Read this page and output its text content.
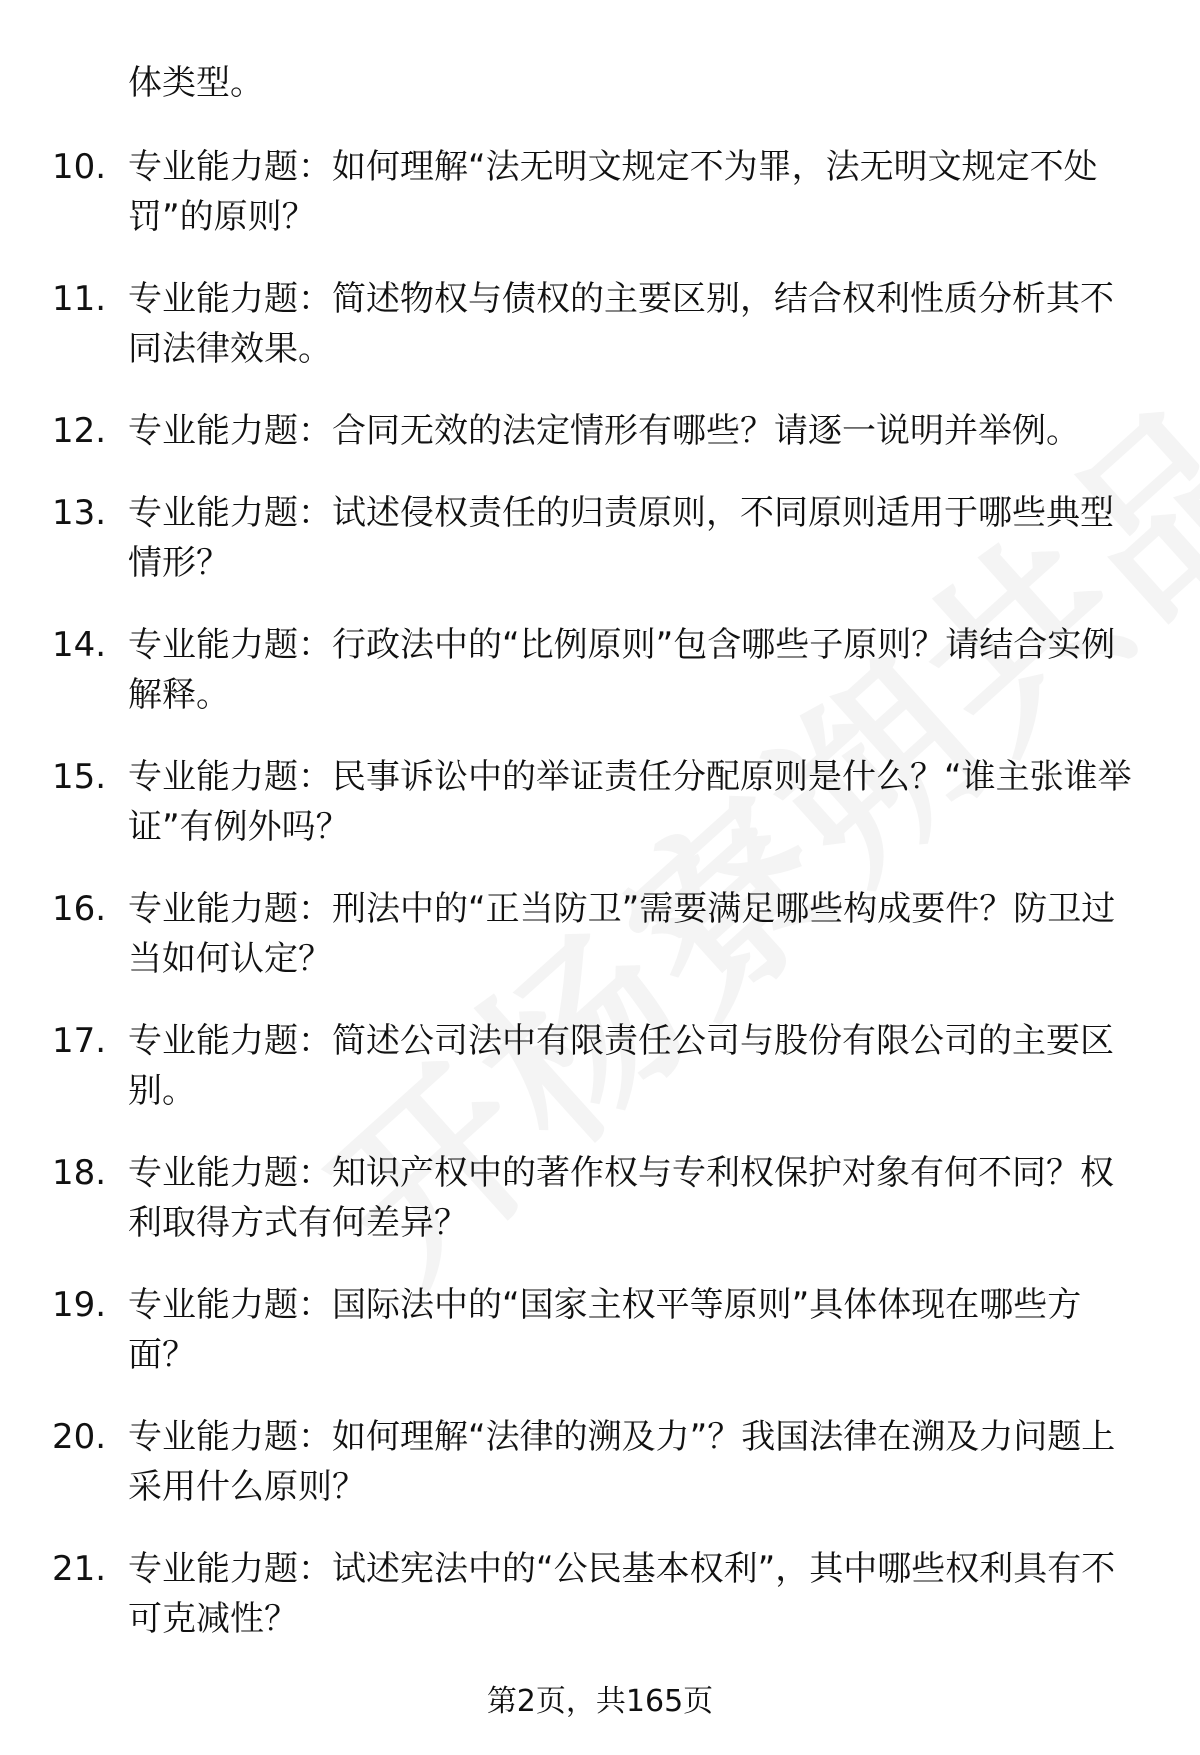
体类型。
10. 专业能力题：如何理解“法无明文规定不为罪，法无明文规定不处罚”的原则？
11. 专业能力题：简述物权与债权的主要区别，结合权利性质分析其不同法律效果。
12. 专业能力题：合同无效的法定情形有哪些？请逐一说明并举例。
13. 专业能力题：试述侵权责任的归责原则，不同原则适用于哪些典型情形？
14. 专业能力题：行政法中的“比例原则”包含哪些子原则？请结合实例解释。
15. 专业能力题：民事诉讼中的举证责任分配原则是什么？“谁主张谁举证”有例外吗？
16. 专业能力题：刑法中的“正当防卫”需要满足哪些构成要件？防卫过当如何认定？
17. 专业能力题：简述公司法中有限责任公司与股份有限公司的主要区别。
18. 专业能力题：知识产权中的著作权与专利权保护对象有何不同？权利取得方式有何差异？
19. 专业能力题：国际法中的“国家主权平等原则”具体体现在哪些方面？
20. 专业能力题：如何理解“法律的溯及力”？我国法律在溯及力问题上采用什么原则？
21. 专业能力题：试述宪法中的“公民基本权利”，其中哪些权利具有不可克减性？
第2页，共165页
